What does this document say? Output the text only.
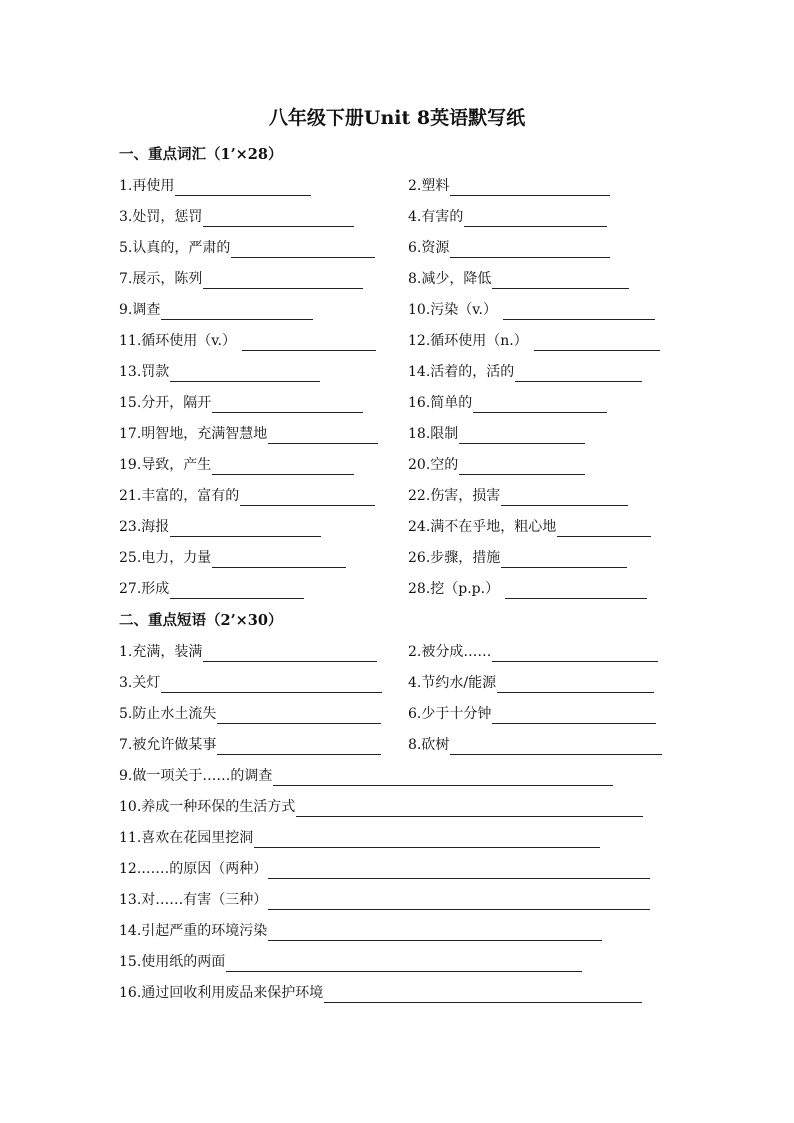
八年级下册Unit 8英语默写纸
一、重点词汇（1’×28）
1.再使用	2.塑料
3.处罚，惩罚	4.有害的
5.认真的，严肃的	6.资源
7.展示，陈列	8.减少，降低
9.调查	10.污染（v.）
11.循环使用（v.）	12.循环使用（n.）
13.罚款	14.活着的，活的
15.分开，隔开	16.简单的
17.明智地，充满智慧地	18.限制
19.导致，产生	20.空的
21.丰富的，富有的	22.伤害，损害
23.海报	24.满不在乎地，粗心地
25.电力，力量	26.步骤，措施
27.形成	28.挖（p.p.）
二、重点短语（2’×30）
1.充满，装满	2.被分成……
3.关灯	4.节约水/能源
5.防止水土流失	6.少于十分钟
7.被允许做某事	8.砍树
9.做一项关于……的调查
10.养成一种环保的生活方式
11.喜欢在花园里挖洞
12.……的原因（两种）
13.对……有害（三种）
14.引起严重的环境污染
15.使用纸的两面
16.通过回收利用废品来保护环境
